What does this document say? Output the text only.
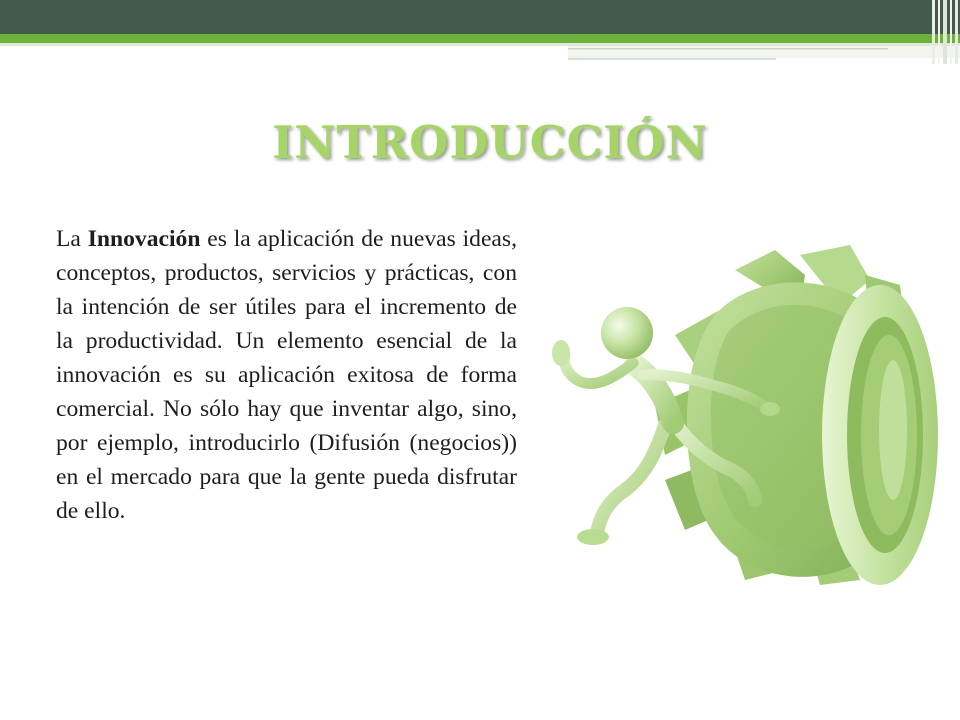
INTRODUCCIÓN

La Innovación es la aplicación de nuevas ideas, conceptos, productos, servicios y prácticas, con la intención de ser útiles para el incremento de la productividad. Un elemento esencial de la innovación es su aplicación exitosa de forma comercial. No sólo hay que inventar algo, sino, por ejemplo, introducirlo (Difusión (negocios)) en el mercado para que la gente pueda disfrutar de ello.
